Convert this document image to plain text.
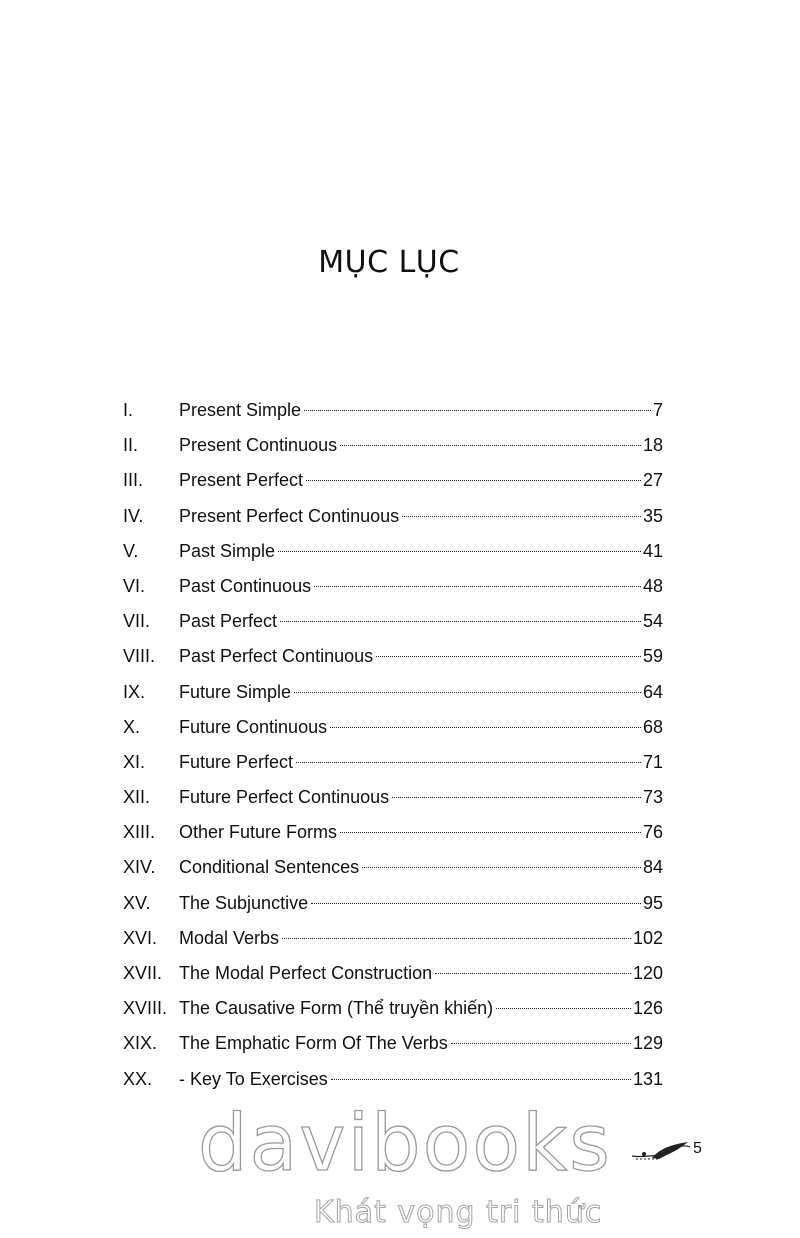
MỤC LỤC
I.	Present Simple	7
II.	Present Continuous	18
III.	Present Perfect	27
IV.	Present Perfect Continuous	35
V.	Past Simple	41
VI.	Past Continuous	48
VII.	Past Perfect	54
VIII.	Past Perfect Continuous	59
IX.	Future Simple	64
X.	Future Continuous	68
XI.	Future Perfect	71
XII.	Future Perfect Continuous	73
XIII.	Other Future Forms	76
XIV.	Conditional Sentences	84
XV.	The Subjunctive	95
XVI.	Modal Verbs	102
XVII. The Modal Perfect Construction	120
XVIII. The Causative Form (Thể truyền khiến)	126
XIX.	The Emphatic Form Of The Verbs	129
XX.	- Key To Exercises	131
5
davibooks
Khát vọng tri thức
